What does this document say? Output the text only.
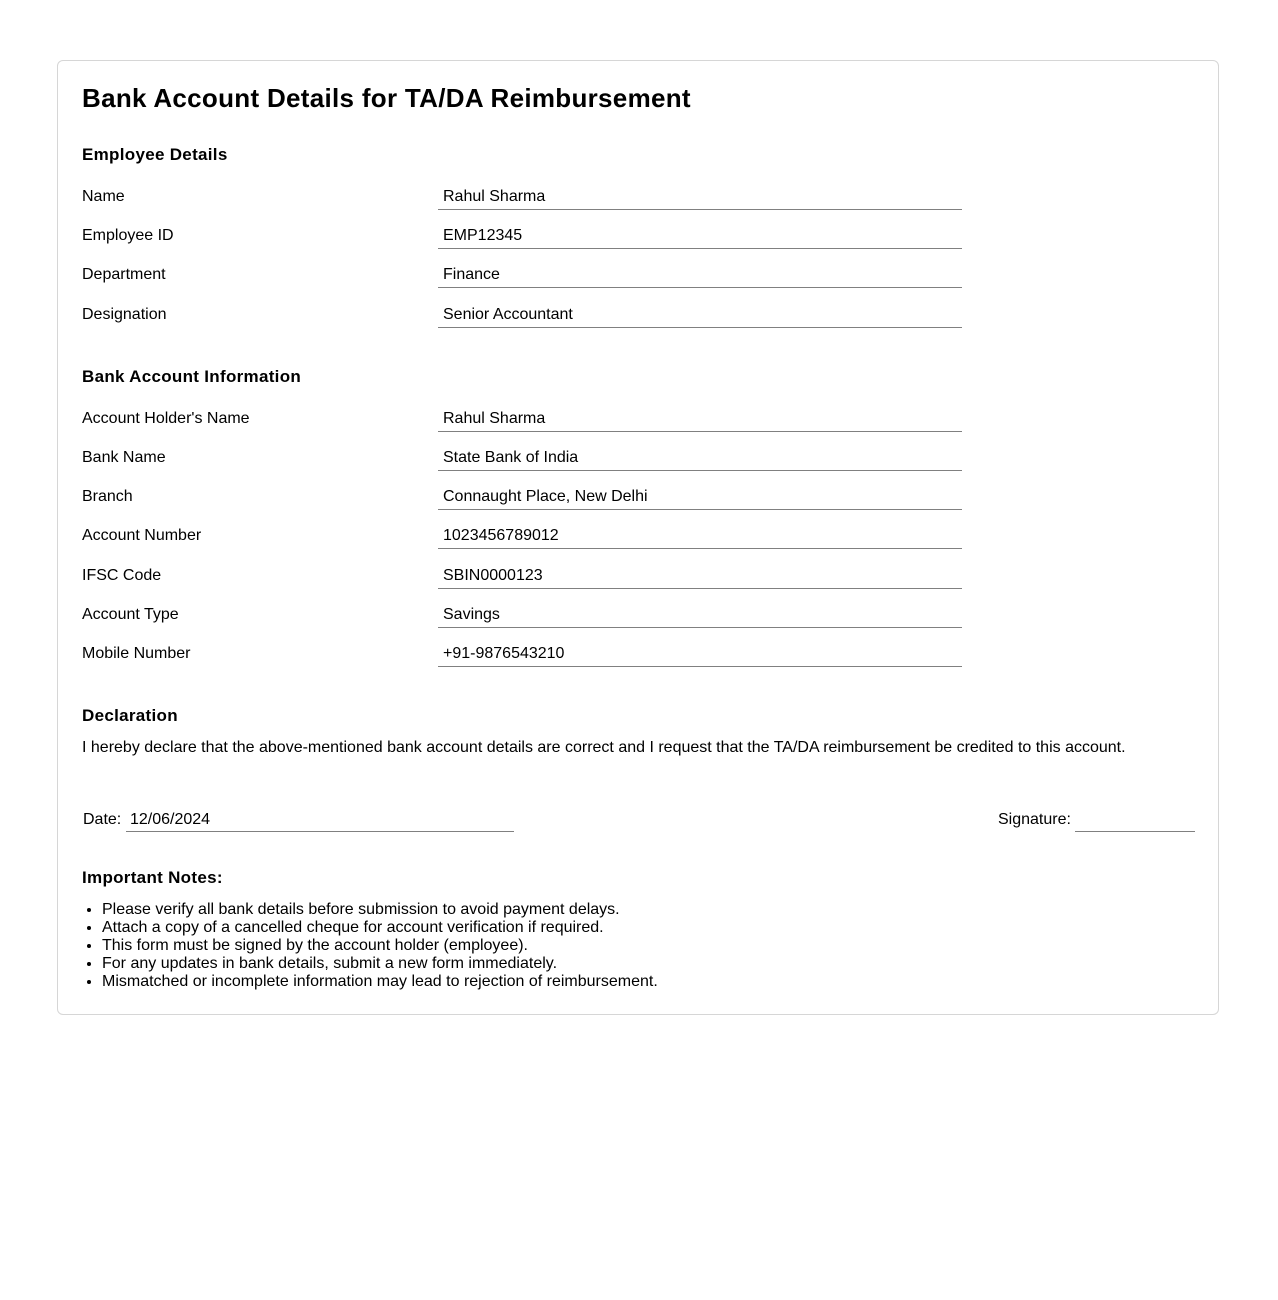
Bank Account Details for TA/DA Reimbursement
Employee Details
Name	Rahul Sharma
Employee ID	EMP12345
Department	Finance
Designation	Senior Accountant
Bank Account Information
Account Holder's Name	Rahul Sharma
Bank Name	State Bank of India
Branch	Connaught Place, New Delhi
Account Number	1023456789012
IFSC Code	SBIN0000123
Account Type	Savings
Mobile Number	+91-9876543210
Declaration

I hereby declare that the above-mentioned bank account details are correct and I request that the TA/DA reimbursement be credited to this account.

Date: 12/06/2024	Signature:
Important Notes:
• Please verify all bank details before submission to avoid payment delays.
• Attach a copy of a cancelled cheque for account verification if required.
• This form must be signed by the account holder (employee).
• For any updates in bank details, submit a new form immediately.
• Mismatched or incomplete information may lead to rejection of reimbursement.
